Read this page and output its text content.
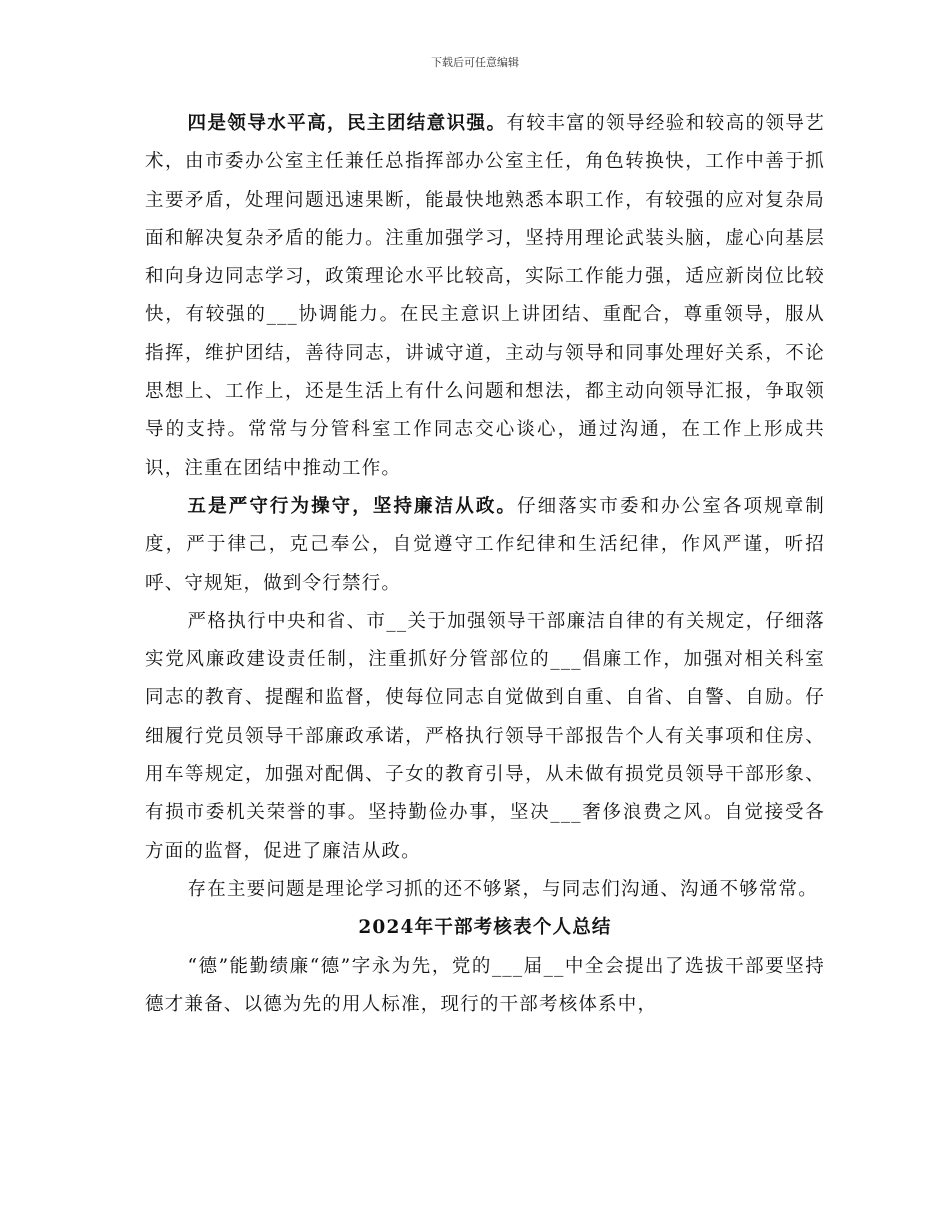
下载后可任意编辑

四是领导水平高，民主团结意识强。有较丰富的领导经验和较高的领导艺术，由市委办公室主任兼任总指挥部办公室主任，角色转换快，工作中善于抓主要矛盾，处理问题迅速果断，能最快地熟悉本职工作，有较强的应对复杂局面和解决复杂矛盾的能力。注重加强学习，坚持用理论武装头脑，虚心向基层和向身边同志学习，政策理论水平比较高，实际工作能力强，适应新岗位比较快，有较强的___协调能力。在民主意识上讲团结、重配合，尊重领导，服从指挥，维护团结，善待同志，讲诚守道，主动与领导和同事处理好关系，不论思想上、工作上，还是生活上有什么问题和想法，都主动向领导汇报，争取领导的支持。常常与分管科室工作同志交心谈心，通过沟通，在工作上形成共识，注重在团结中推动工作。

五是严守行为操守，坚持廉洁从政。仔细落实市委和办公室各项规章制度，严于律己，克己奉公，自觉遵守工作纪律和生活纪律，作风严谨，听招呼、守规矩，做到令行禁行。

严格执行中央和省、市__关于加强领导干部廉洁自律的有关规定，仔细落实党风廉政建设责任制，注重抓好分管部位的___倡廉工作，加强对相关科室同志的教育、提醒和监督，使每位同志自觉做到自重、自省、自警、自励。仔细履行党员领导干部廉政承诺，严格执行领导干部报告个人有关事项和住房、用车等规定，加强对配偶、子女的教育引导，从未做有损党员领导干部形象、有损市委机关荣誉的事。坚持勤俭办事，坚决___奢侈浪费之风。自觉接受各方面的监督，促进了廉洁从政。

存在主要问题是理论学习抓的还不够紧，与同志们沟通、沟通不够常常。

2024年干部考核表个人总结

“德”能勤绩廉“德”字永为先，党的___届__中全会提出了选拔干部要坚持德才兼备、以德为先的用人标准，现行的干部考核体系中，
